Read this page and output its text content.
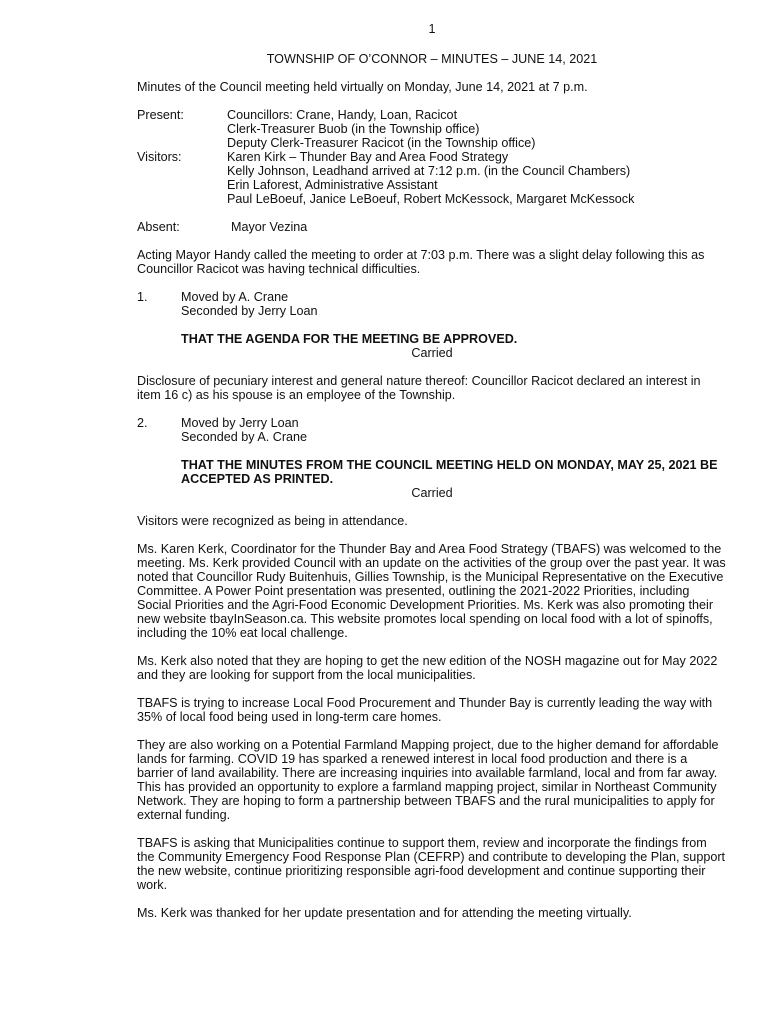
1
TOWNSHIP OF O’CONNOR – MINUTES – JUNE 14, 2021

Minutes of the Council meeting held virtually on Monday, June 14, 2021 at 7 p.m.

Present:	Councillors: Crane, Handy, Loan, Racicot
Clerk-Treasurer Buob (in the Township office)
Deputy Clerk-Treasurer Racicot (in the Township office)
Visitors:	Karen Kirk – Thunder Bay and Area Food Strategy
Kelly Johnson, Leadhand arrived at 7:12 p.m. (in the Council Chambers)
Erin Laforest, Administrative Assistant
Paul LeBoeuf, Janice LeBoeuf, Robert McKessock, Margaret McKessock
Absent:	Mayor Vezina

Acting Mayor Handy called the meeting to order at 7:03 p.m. There was a slight delay following this as Councillor Racicot was having technical difficulties.

1.	Moved by A. Crane
Seconded by Jerry Loan
THAT THE AGENDA FOR THE MEETING BE APPROVED.
Carried

Disclosure of pecuniary interest and general nature thereof: Councillor Racicot declared an interest in item 16 c) as his spouse is an employee of the Township.

2.	Moved by Jerry Loan
Seconded by A. Crane
THAT THE MINUTES FROM THE COUNCIL MEETING HELD ON MONDAY, MAY 25, 2021 BE ACCEPTED AS PRINTED.
Carried

Visitors were recognized as being in attendance.

Ms. Karen Kerk, Coordinator for the Thunder Bay and Area Food Strategy (TBAFS) was welcomed to the meeting. Ms. Kerk provided Council with an update on the activities of the group over the past year. It was noted that Councillor Rudy Buitenhuis, Gillies Township, is the Municipal Representative on the Executive Committee. A Power Point presentation was presented, outlining the 2021-2022 Priorities, including Social Priorities and the Agri-Food Economic Development Priorities. Ms. Kerk was also promoting their new website tbayInSeason.ca. This website promotes local spending on local food with a lot of spinoffs, including the 10% eat local challenge.

Ms. Kerk also noted that they are hoping to get the new edition of the NOSH magazine out for May 2022 and they are looking for support from the local municipalities.

TBAFS is trying to increase Local Food Procurement and Thunder Bay is currently leading the way with 35% of local food being used in long-term care homes.

They are also working on a Potential Farmland Mapping project, due to the higher demand for affordable lands for farming. COVID 19 has sparked a renewed interest in local food production and there is a barrier of land availability. There are increasing inquiries into available farmland, local and from far away. This has provided an opportunity to explore a farmland mapping project, similar in Northeast Community Network. They are hoping to form a partnership between TBAFS and the rural municipalities to apply for external funding.

TBAFS is asking that Municipalities continue to support them, review and incorporate the findings from the Community Emergency Food Response Plan (CEFRP) and contribute to developing the Plan, support the new website, continue prioritizing responsible agri-food development and continue supporting their work.

Ms. Kerk was thanked for her update presentation and for attending the meeting virtually.
